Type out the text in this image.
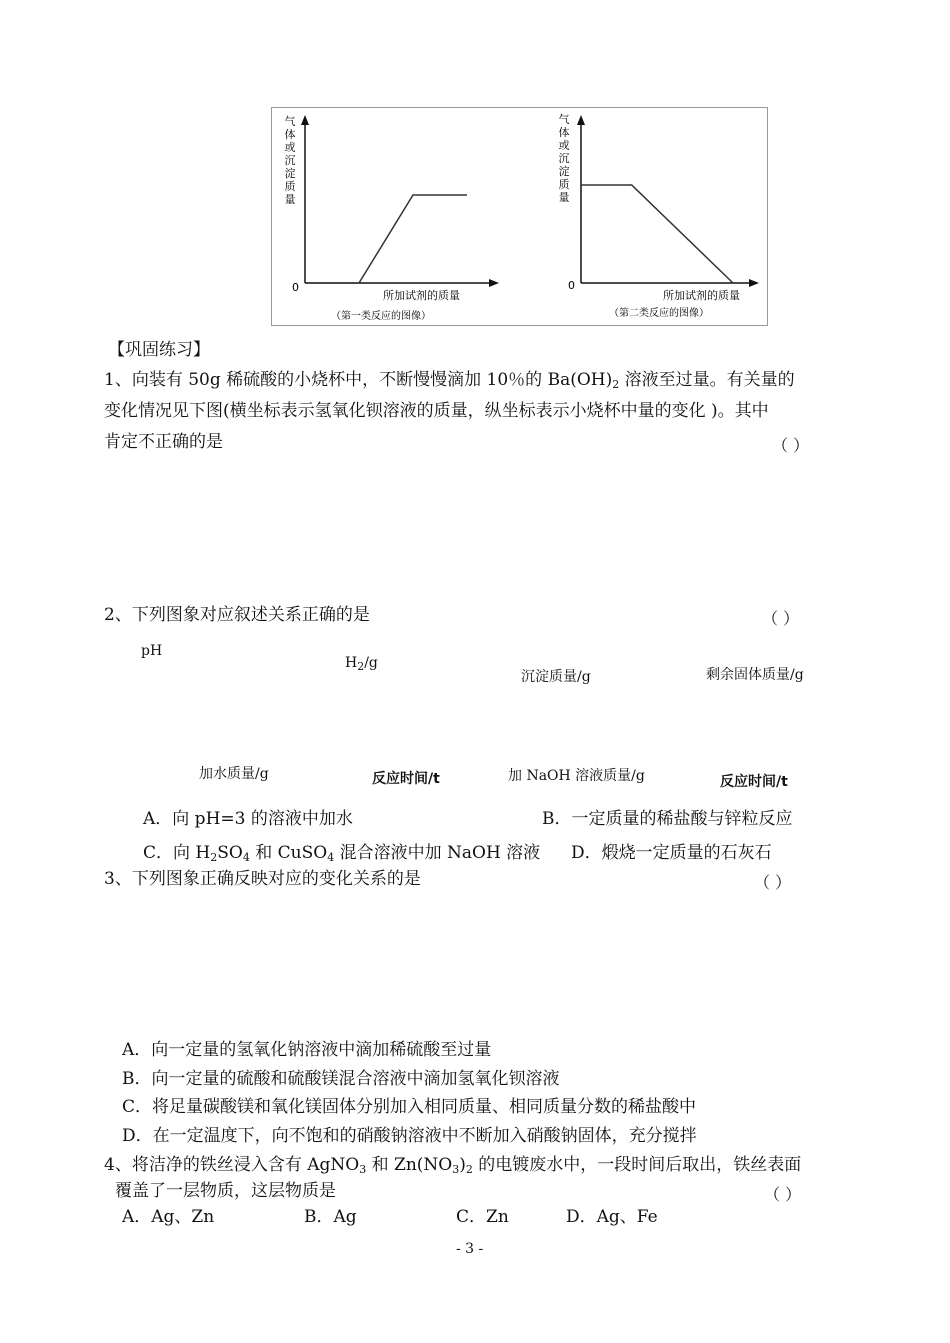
0
所加试剂的质量
（第一类反应的图像）
气体或沉淀质量
0
所加试剂的质量
（第二类反应的图像）
气体或沉淀质量
【巩固练习】
1、向装有 50g 稀硫酸的小烧杯中，不断慢慢滴加 10％的 $Ba(OH)_2$ 溶液至过量。有关量的
变化情况见下图(横坐标表示氢氧化钡溶液的质量，纵坐标表示小烧杯中量的变化 )。其中
肯定不正确的是	（ ）
2、下列图象对应叙述关系正确的是	（ ）
pH
$H_2/g$
沉淀质量/g	剩余固体质量/g
加水质量/g	反应时间/t	加 NaOH 溶液质量/g	反应时间/t
A．向 pH=3 的溶液中加水	B．一定质量的稀盐酸与锌粒反应
C．向 $H_2SO_4$ 和 CuSO$_4$ 混合溶液中加 NaOH 溶液 D．煅烧一定质量的石灰石
3、下列图象正确反映对应的变化关系的是	（ ）
A．向一定量的氢氧化钠溶液中滴加稀硫酸至过量
B．向一定量的硫酸和硫酸镁混合溶液中滴加氢氧化钡溶液
C．将足量碳酸镁和氧化镁固体分别加入相同质量、相同质量分数的稀盐酸中
D．在一定温度下，向不饱和的硝酸钠溶液中不断加入硝酸钠固体，充分搅拌
4、将洁净的铁丝浸入含有 AgNO$_3$ 和 $Zn(NO_3)_2$ 的电镀废水中，一段时间后取出，铁丝表面
覆盖了一层物质，这层物质是	（ ）
A．Ag、Zn	B．Ag	C．Zn	D．Ag、Fe
- 3 -
